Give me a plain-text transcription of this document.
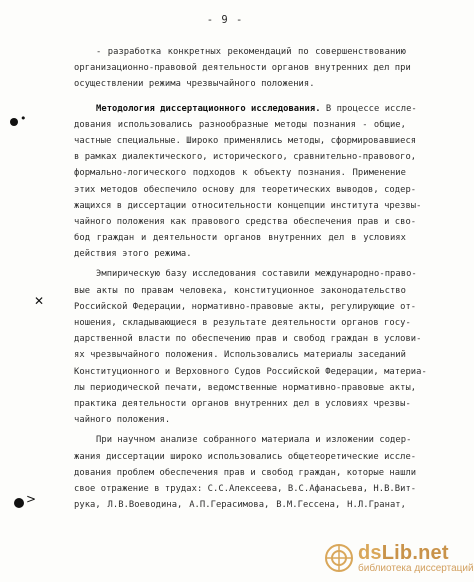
- 9 -
•
✕
>
- разработка конкретных рекомендаций по совершенствованию
организационно-правовой деятельности органов внутренних дел при
осуществлении режима чрезвычайного положения.
Методология диссертационного исследования. В процессе иссле-
дования использовались разнообразные методы познания - общие,
частные специальные. Широко применялись методы, сформировавшиеся
в рамках диалектического, исторического, сравнительно-правового,
формально-логического подходов к объекту познания. Применение
этих методов обеспечило основу для теоретических выводов, содер-
жащихся в диссертации относительности концепции института чрезвы-
чайного положения как правового средства обеспечения прав и сво-
бод граждан и деятельности органов внутренних дел в условиях
действия этого режима.
Эмпирическую базу исследования составили международно-право-
вые акты по правам человека, конституционное законодательство
Российской Федерации, нормативно-правовые акты, регулирующие от-
ношения, складывающиеся в результате деятельности органов госу-
дарственной власти по обеспечению прав и свобод граждан в услови-
ях чрезвычайного положения. Использовались материалы заседаний
Конституционного и Верховного Судов Российской Федерации, материа-
лы периодической печати, ведомственные нормативно-правовые акты,
практика деятельности органов внутренних дел в условиях чрезвы-
чайного положения.
При научном анализе собранного материала и изложении содер-
жания диссертации широко использовались общетеоретические иссле-
дования проблем обеспечения прав и свобод граждан, которые нашли
свое отражение в трудах: С.С.Алексеева, В.С.Афанасьева, Н.В.Вит-
рука, Л.В.Воеводина, А.П.Герасимова, В.М.Гессена, Н.Л.Гранат,
dsLib.net
библиотека диссертаций
